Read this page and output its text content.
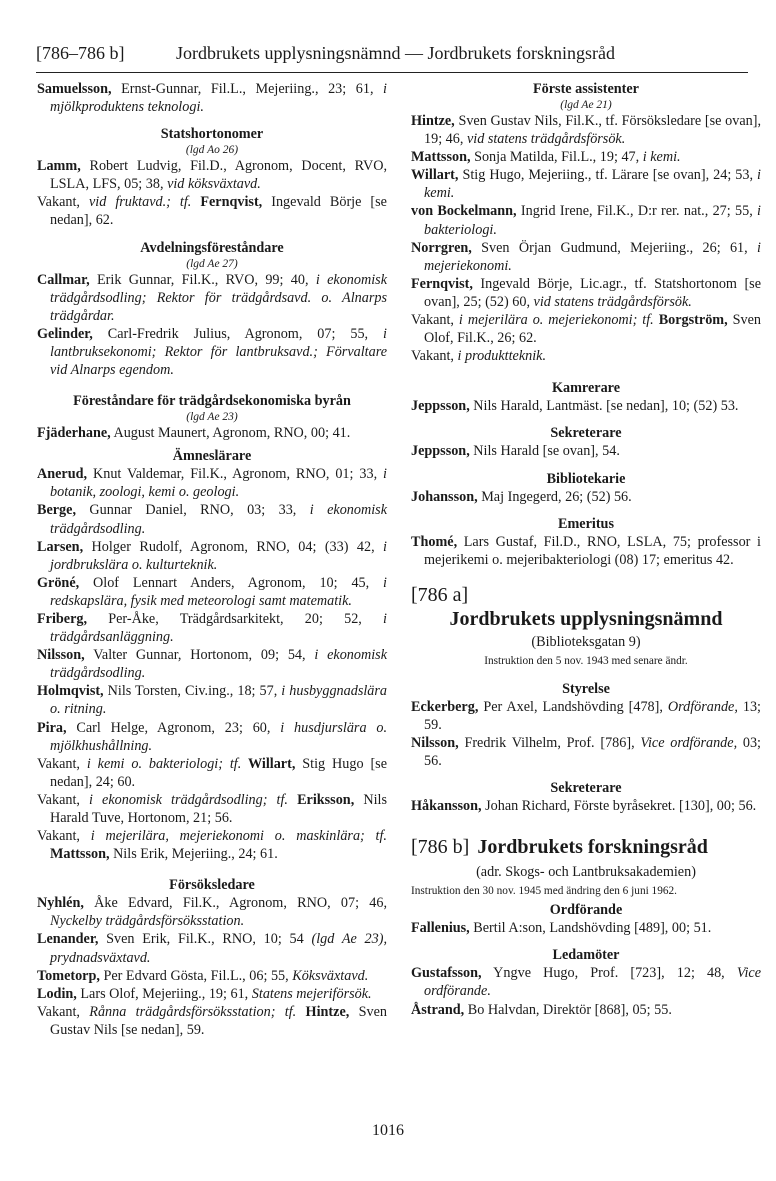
[786–786 b]	Jordbrukets upplysningsnämnd — Jordbrukets forskningsråd

Samuelsson, Ernst-Gunnar, Fil.L., Mejeriing., 23; 61, i mjölkproduktens teknologi.

Statshortonomer
(lgd Ao 26)

Lamm, Robert Ludvig, Fil.D., Agronom, Docent, RVO, LSLA, LFS, 05; 38, vid köksväxtavd.

Vakant, vid fruktavd.; tf. Fernqvist, Ingevald Börje [se nedan], 62.

Avdelningsföreståndare
(lgd Ae 27)

Callmar, Erik Gunnar, Fil.K., RVO, 99; 40, i ekonomisk trädgårdsodling; Rektor för trädgårdsavd. o. Alnarps trädgårdar.

Gelinder, Carl-Fredrik Julius, Agronom, 07; 55, i lantbruksekonomi; Rektor för lantbruksavd.; Förvaltare vid Alnarps egendom.

Föreståndare för trädgårdsekonomiska byrån
(lgd Ae 23)

Fjäderhane, August Maunert, Agronom, RNO, 00; 41.

Ämneslärare

Anerud, Knut Valdemar, Fil.K., Agronom, RNO, 01; 33, i botanik, zoologi, kemi o. geologi.

Berge, Gunnar Daniel, RNO, 03; 33, i ekonomisk trädgårdsodling.

Larsen, Holger Rudolf, Agronom, RNO, 04; (33) 42, i jordbrukslära o. kulturteknik.

Gröné, Olof Lennart Anders, Agronom, 10; 45, i redskapslära, fysik med meteorologi samt matematik.

Friberg, Per-Åke, Trädgårdsarkitekt, 20; 52, i trädgårdsanläggning.

Nilsson, Valter Gunnar, Hortonom, 09; 54, i ekonomisk trädgårdsodling.

Holmqvist, Nils Torsten, Civ.ing., 18; 57, i husbyggnadslära o. ritning.

Pira, Carl Helge, Agronom, 23; 60, i husdjurslära o. mjölkhushållning.

Vakant, i kemi o. bakteriologi; tf. Willart, Stig Hugo [se nedan], 24; 60.

Vakant, i ekonomisk trädgårdsodling; tf. Eriksson, Nils Harald Tuve, Hortonom, 21; 56.

Vakant, i mejerilära, mejeriekonomi o. maskinlära; tf. Mattsson, Nils Erik, Mejeriing., 24; 61.

Försöksledare

Nyhlén, Åke Edvard, Fil.K., Agronom, RNO, 07; 46, Nyckelby trädgårdsförsöksstation.

Lenander, Sven Erik, Fil.K., RNO, 10; 54 (lgd Ae 23), prydnadsväxtavd.

Tometorp, Per Edvard Gösta, Fil.L., 06; 55, Köksväxtavd.

Lodin, Lars Olof, Mejeriing., 19; 61, Statens mejeriförsök.

Vakant, Rånna trädgårdsförsöksstation; tf. Hintze, Sven Gustav Nils [se nedan], 59.

Förste assistenter
(lgd Ae 21)

Hintze, Sven Gustav Nils, Fil.K., tf. Försöksledare [se ovan], 19; 46, vid statens trädgårdsförsök.

Mattsson, Sonja Matilda, Fil.L., 19; 47, i kemi.

Willart, Stig Hugo, Mejeriing., tf. Lärare [se ovan], 24; 53, i kemi.

von Bockelmann, Ingrid Irene, Fil.K., D:r rer. nat., 27; 55, i bakteriologi.

Norrgren, Sven Örjan Gudmund, Mejeriing., 26; 61, i mejeriekonomi.

Fernqvist, Ingevald Börje, Lic.agr., tf. Statshortonom [se ovan], 25; (52) 60, vid statens trädgårdsförsök.

Vakant, i mejerilära o. mejeriekonomi; tf. Borgström, Sven Olof, Fil.K., 26; 62.

Vakant, i produktteknik.

Kamrerare

Jeppsson, Nils Harald, Lantmäst. [se nedan], 10; (52) 53.

Sekreterare

Jeppsson, Nils Harald [se ovan], 54.

Bibliotekarie

Johansson, Maj Ingegerd, 26; (52) 56.

Emeritus

Thomé, Lars Gustaf, Fil.D., RNO, LSLA, 75; professor i mejerikemi o. mejeribakteriologi (08) 17; emeritus 42.

[786 a]
Jordbrukets upplysningsnämnd
(Biblioteksgatan 9)
Instruktion den 5 nov. 1943 med senare ändr.
Styrelse

Eckerberg, Per Axel, Landshövding [478], Ordförande, 13; 59.

Nilsson, Fredrik Vilhelm, Prof. [786], Vice ordförande, 03; 56.

Sekreterare

Håkansson, Johan Richard, Förste byråsekret. [130], 00; 56.

[786 b] Jordbrukets forskningsråd
(adr. Skogs- och Lantbruksakademien)
Instruktion den 30 nov. 1945 med ändring den 6 juni 1962.
Ordförande

Fallenius, Bertil A:son, Landshövding [489], 00; 51.

Ledamöter

Gustafsson, Yngve Hugo, Prof. [723], 12; 48, Vice ordförande.

Åstrand, Bo Halvdan, Direktör [868], 05; 55.

1016
